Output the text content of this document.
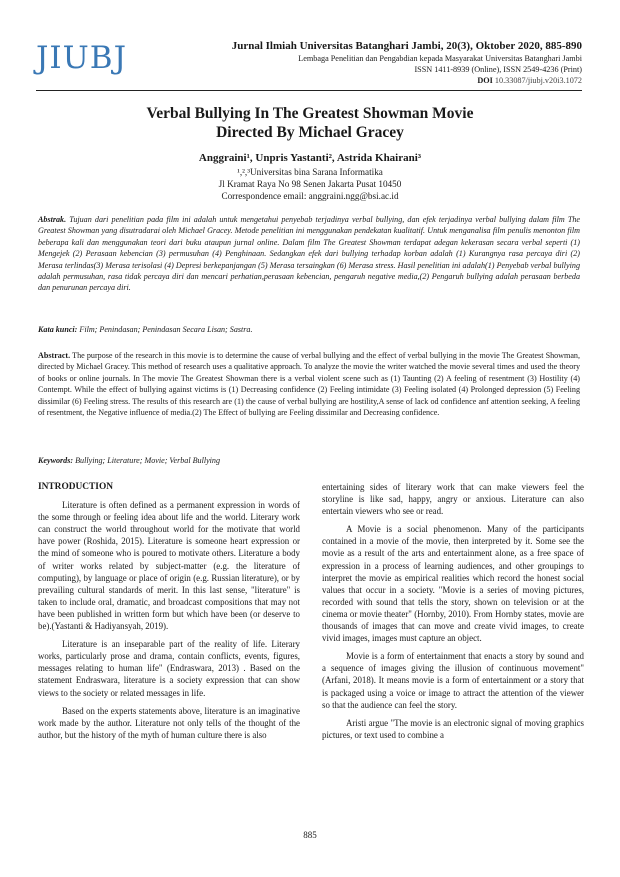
JIUBJ	Jurnal Ilmiah Universitas Batanghari Jambi, 20(3), Oktober 2020, 885-890
Lembaga Penelitian dan Pengabdian kepada Masyarakat Universitas Batanghari Jambi
ISSN 1411-8939 (Online), ISSN 2549-4236 (Print)
DOI 10.33087/jiubj.v20i3.1072
Verbal Bullying In The Greatest Showman Movie
Directed By Michael Gracey
Anggraini¹, Unpris Yastanti², Astrida Khairani³
¹,²,³Universitas bina Sarana Informatika
Jl Kramat Raya No 98 Senen Jakarta Pusat 10450
Correspondence email: anggraini.ngg@bsi.ac.id
Abstrak. Tujuan dari penelitian pada film ini adalah untuk mengetahui penyebab terjadinya verbal bullying, dan efek terjadinya verbal bullying dalam film The Greatest Showman yang disutradarai oleh Michael Gracey. Metode penelitian ini menggunakan pendekatan kualitatif. Untuk menganalisa film penulis menonton film beberapa kali dan menggunakan teori dari buku ataupun jurnal online. Dalam film The Greatest Showman terdapat adegan kekerasan secara verbal seperti (1) Mengejek (2) Perasaan kebencian (3) permusuhan (4) Penghinaan. Sedangkan efek dari bullying terhadap korban adalah (1) Kurangnya rasa percaya diri (2) Merasa terlindas(3) Merasa terisolasi (4) Depresi berkepanjangan (5) Merasa tersaingkan (6) Merasa stress. Hasil penelitian ini adalah(1) Penyebab verbal bullying adalah permusuhan, rasa tidak percaya diri dan mencari perhatian,perasaan kebencian, pengaruh negative media,(2) Pengaruh bullying adalah perasaan berbeda dan penurunan percaya diri.
Kata kunci: Film; Penindasan; Penindasan Secara Lisan; Sastra.
Abstract. The purpose of the research in this movie is to determine the cause of verbal bullying and the effect of verbal bullying in the movie The Greatest Showman, directed by Michael Gracey. This method of research uses a qualitative approach. To analyze the movie the writer watched the movie several times and used the theory of books or online journals. In The movie The Greatest Showman there is a verbal violent scene such as (1) Taunting (2) A feeling of resentment (3) Hostility (4) Contempt. While the effect of bullying against victims is (1) Decreasing confidence (2) Feeling intimidate (3) Feeling isolated (4) Prolonged depression (5) Feeling dissimilar (6) Feeling stress. The results of this research are (1) the cause of verbal bullying are hostility,A sense of lack od confidence anf attention seeking, A feeling of resentment, the Negative influence of media.(2) The Effect of bullying are Feeling dissimilar and Decreasing confidence.
Keywords: Bullying; Literature; Movie; Verbal Bullying

INTRODUCTION

Literature is often defined as a permanent expression in words of the some through or feeling idea about life and the world. Literary work can construct the world throughout world for the motivate that world have power (Roshida, 2015). Literature is someone heart expression or the mind of someone who is poured to motivate others. Literature a body of writer works related by subject-matter (e.g. the literature of computing), by language or place of origin (e.g. Russian literature), or by prevailing cultural standards of merit. In this last sense, "literature" is taken to include oral, dramatic, and broadcast compositions that may not have been published in written form but which have been (or deserve to be).(Yastanti & Hadiyansyah, 2019).

Literature is an inseparable part of the reality of life. Literary works, particularly prose and drama, contain conflicts, events, figures, messages relating to human life" (Endraswara, 2013) . Based on the statement Endraswara, literature is a society expression that can show views to the society or related messages in life.

Based on the experts statements above, literature is an imaginative work made by the author. Literature not only tells of the thought of the author, but the history of the myth of human culture there is also

entertaining sides of literary work that can make viewers feel the storyline is like sad, happy, angry or anxious. Literature can also entertain viewers who see or read.

A Movie is a social phenomenon. Many of the participants contained in a movie of the movie, then interpreted by it. Some see the movie as a result of the arts and entertainment alone, as a free space of expression in a process of learning audiences, and other groupings to interpret the movie as empirical realities which record the honest social values that occur in a society. "Movie is a series of moving pictures, recorded with sound that tells the story, shown on television or at the cinema or movie theater" (Hornby, 2010). From Hornby states, movie are thousands of images that can move and create vivid images, to create vivid images, images must capture an object.

Movie is a form of entertainment that enacts a story by sound and a sequence of images giving the illusion of continuous movement" (Arfani, 2018). It means movie is a form of entertainment or a story that is packaged using a voice or image to attract the attention of the viewer so that the audience can feel the story.

Aristi argue "The movie is an electronic signal of moving graphics pictures, or text used to combine a

885
